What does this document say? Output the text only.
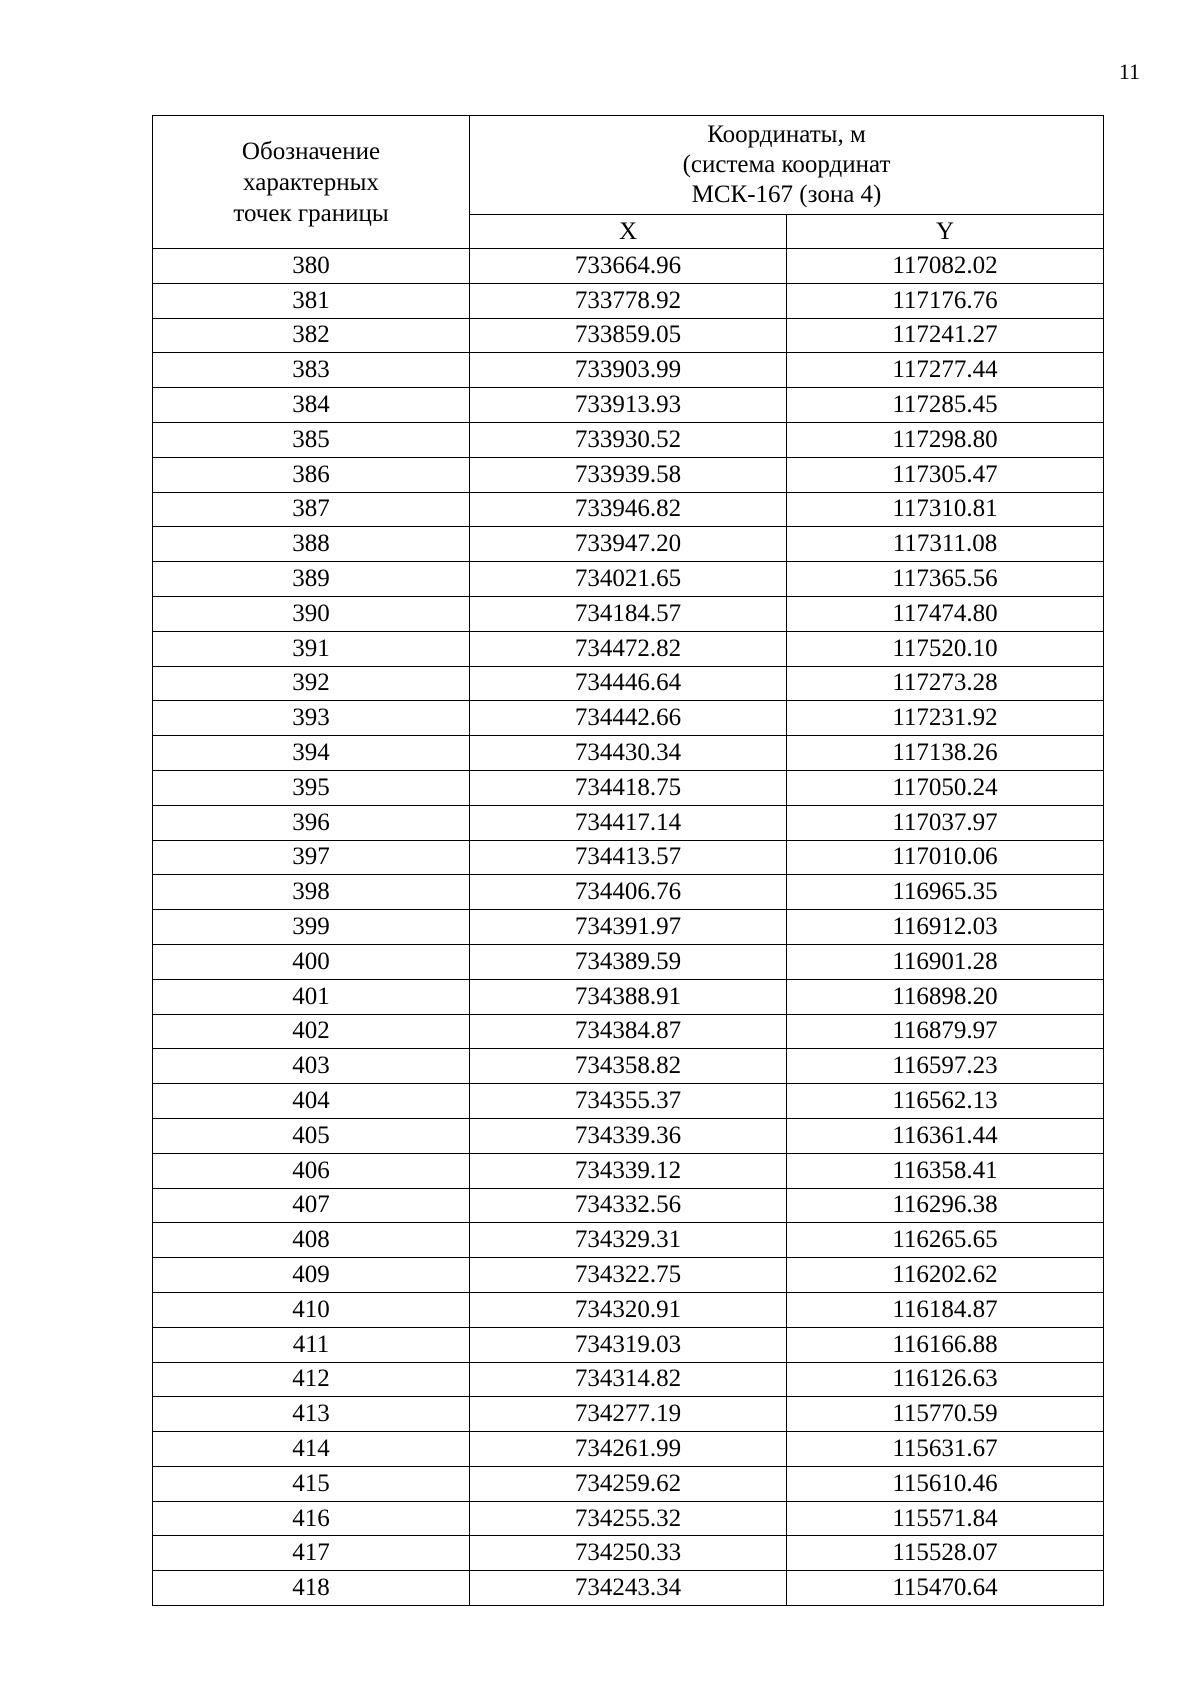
11
Обозначение
характерных
точек границы	Координаты, м
(система координат
МСК-167 (зона 4)	

	X	Y
380	733664.96	117082.02
381	733778.92	117176.76
382	733859.05	117241.27
383	733903.99	117277.44
384	733913.93	117285.45
385	733930.52	117298.80
386	733939.58	117305.47
387	733946.82	117310.81
388	733947.20	117311.08
389	734021.65	117365.56
390	734184.57	117474.80
391	734472.82	117520.10
392	734446.64	117273.28
393	734442.66	117231.92
394	734430.34	117138.26
395	734418.75	117050.24
396	734417.14	117037.97
397	734413.57	117010.06
398	734406.76	116965.35
399	734391.97	116912.03
400	734389.59	116901.28
401	734388.91	116898.20
402	734384.87	116879.97
403	734358.82	116597.23
404	734355.37	116562.13
405	734339.36	116361.44
406	734339.12	116358.41
407	734332.56	116296.38
408	734329.31	116265.65
409	734322.75	116202.62
410	734320.91	116184.87
411	734319.03	116166.88
412	734314.82	116126.63
413	734277.19	115770.59
414	734261.99	115631.67
415	734259.62	115610.46
416	734255.32	115571.84
417	734250.33	115528.07
418	734243.34	115470.64
